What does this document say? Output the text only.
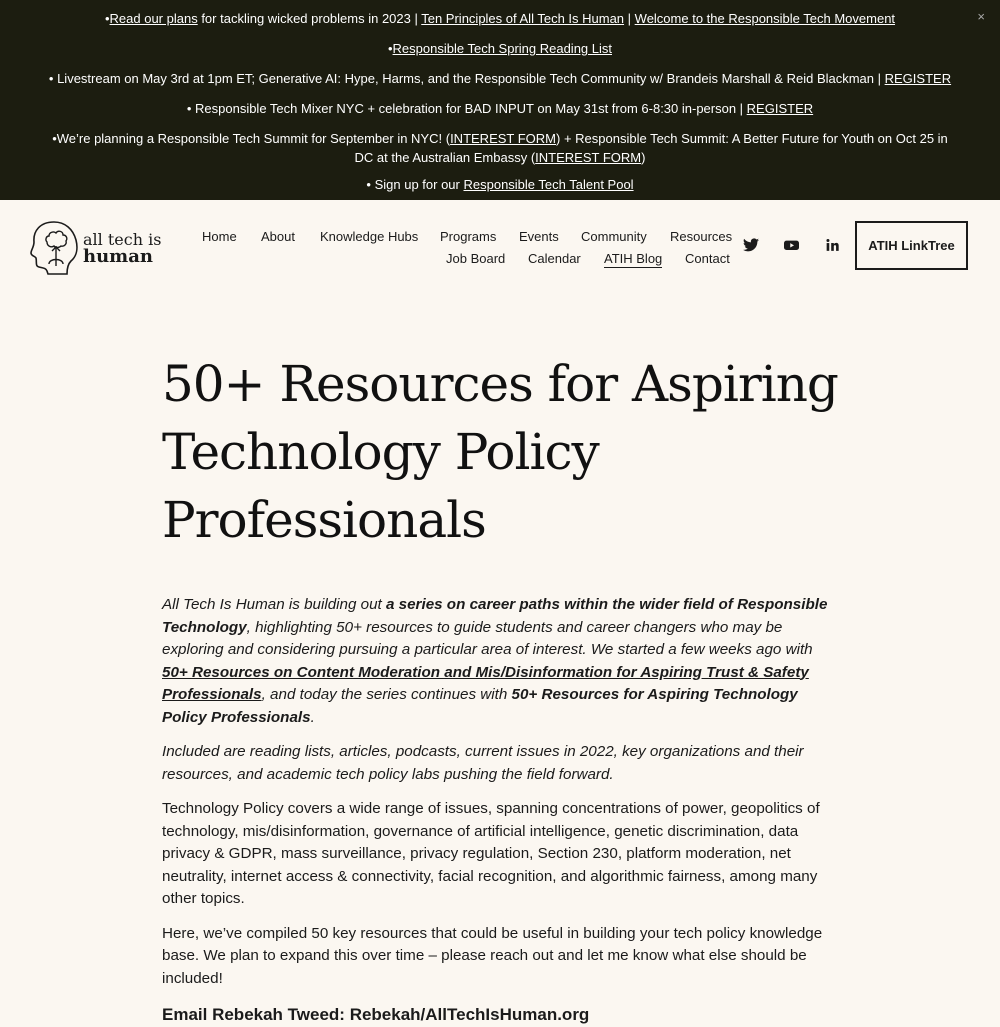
×

•Read our plans for tackling wicked problems in 2023 | Ten Principles of All Tech Is Human | Welcome to the Responsible Tech Movement

•Responsible Tech Spring Reading List

• Livestream on May 3rd at 1pm ET; Generative AI: Hype, Harms, and the Responsible Tech Community w/ Brandeis Marshall & Reid Blackman | REGISTER

• Responsible Tech Mixer NYC + celebration for BAD INPUT on May 31st from 6-8:30 in-person | REGISTER

•We’re planning a Responsible Tech Summit for September in NYC! (INTEREST FORM) + Responsible Tech Summit: A Better Future for Youth on Oct 25 in DC at the Australian Embassy (INTEREST FORM)

• Sign up for our Responsible Tech Talent Pool

all tech is
human
Home About Knowledge Hubs Programs Events Community Resources
Job Board Calendar ATIH Blog Contact
ATIH LinkTree
50+ Resources for Aspiring Technology Policy Professionals

All Tech Is Human is building out a series on career paths within the wider field of Responsible Technology, highlighting 50+ resources to guide students and career changers who may be exploring and considering pursuing a particular area of interest. We started a few weeks ago with 50+ Resources on Content Moderation and Mis/Disinformation for Aspiring Trust & Safety Professionals, and today the series continues with 50+ Resources for Aspiring Technology Policy Professionals.

Included are reading lists, articles, podcasts, current issues in 2022, key organizations and their resources, and academic tech policy labs pushing the field forward.

Technology Policy covers a wide range of issues, spanning concentrations of power, geopolitics of technology, mis/disinformation, governance of artificial intelligence, genetic discrimination, data privacy & GDPR, mass surveillance, privacy regulation, Section 230, platform moderation, net neutrality, internet access & connectivity, facial recognition, and algorithmic fairness, among many other topics.

Here, we’ve compiled 50 key resources that could be useful in building your tech policy knowledge base. We plan to expand this over time – please reach out and let me know what else should be included!

Email Rebekah Tweed: Rebekah/AllTechIsHuman.org
